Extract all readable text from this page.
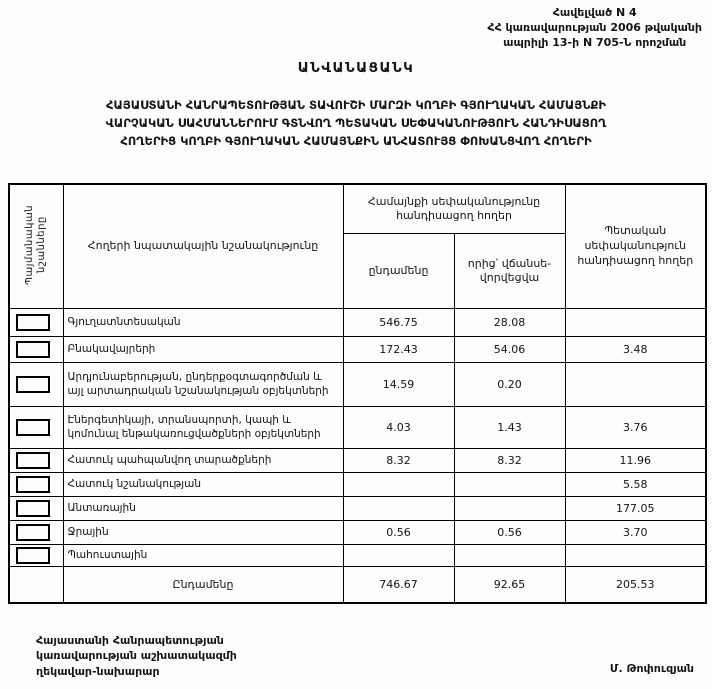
Հավելված N 4
ՀՀ կառավարության 2006 թվականի
ապրիլի 13-ի N 705-Ն որոշման
ԱՆՎԱՆԱՑԱՆԿ
ՀԱՅԱՍՏԱՆԻ ՀԱՆՐԱՊԵՏՈՒԹՅԱՆ ՏԱՎՈՒՇԻ ՄԱՐԶԻ ԿՈՂԲԻ ԳՅՈՒՂԱԿԱՆ ՀԱՄԱՅՆՔԻ
ՎԱՐՉԱԿԱՆ ՍԱՀՄԱՆՆԵՐՈՒՄ ԳՏՆՎՈՂ ՊԵՏԱԿԱՆ ՍԵՓԱԿԱՆՈՒԹՅՈՒՆ ՀԱՆԴԻՍԱՑՈՂ
ՀՈՂԵՐԻՑ ԿՈՂԲԻ ԳՅՈՒՂԱԿԱՆ ՀԱՄԱՅՆՔԻՆ ԱՆՀԱՏՈՒՅՑ ՓՈԽԱՆՑՎՈՂ ՀՈՂԵՐԻ
Պայմանական նշանները	Հողերի նպատակային նշանակությունը	Համայնքի սեփականությունը հանդիսացող հողեր		Պետական սեփականություն հանդիսացող հողեր
		ընդամենը	որից՝ վճանսեվորվեցվա	

	Գյուղատնտեսական	546.75	28.08	

	Բնակավայրերի	172.43	54.06	3.48

	Արդյունաբերության, ընդերքօգտագործման և այլ արտադրական նշանակության օբյեկտների	14.59	0.20	

	Էներգետիկայի, տրանսպորտի, կապի և կոմունալ ենթակառուցվածքների օբյեկտների	4.03	1.43	3.76

	Հատուկ պահպանվող տարածքների	8.32	8.32	11.96

	Հատուկ նշանակության			5.58

	Անտառային			177.05

	Ջրային	0.56	0.56	3.70

	Պահուստային			
	Ընդամենը	746.67	92.65	205.53
Հայաստանի Հանրապետության
կառավարության աշխատակազմի
ղեկավար-նախարար	Մ. Թոփուզյան
